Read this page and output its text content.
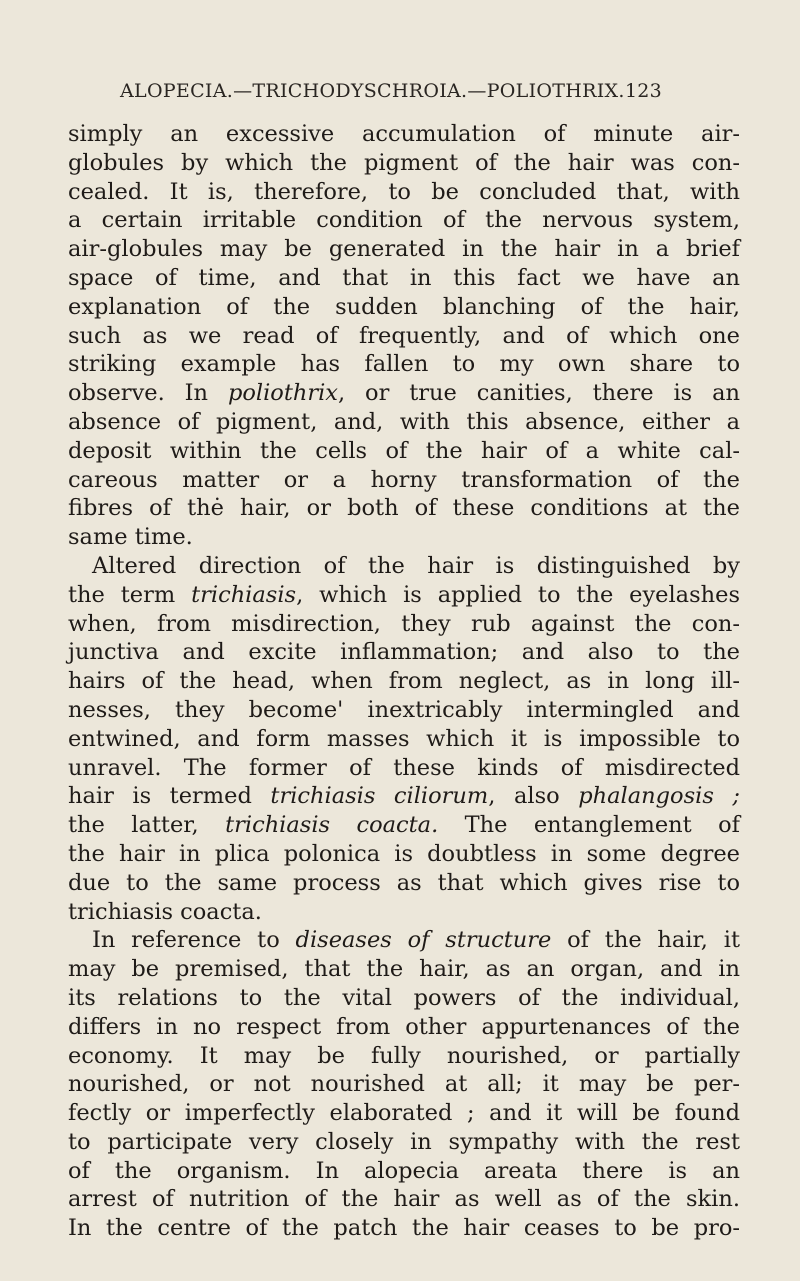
ALOPECIA.—TRICHODYSCHROIA.—POLIOTHRIX. 123
simply an excessive accumulation of minute air-
globules by which the pigment of the hair was con-
cealed. It is, therefore, to be concluded that, with
a certain irritable condition of the nervous system,
air-globules may be generated in the hair in a brief
space of time, and that in this fact we have an
explanation of the sudden blanching of the hair,
such as we read of frequently, and of which one
striking example has fallen to my own share to
observe. In poliothrix, or true canities, there is an
absence of pigment, and, with this absence, either a
deposit within the cells of the hair of a white cal-
careous matter or a horny transformation of the
fibres of thė hair, or both of these conditions at the
same time.
Altered direction of the hair is distinguished by
the term trichiasis, which is applied to the eyelashes
when, from misdirection, they rub against the con-
junctiva and excite inflammation; and also to the
hairs of the head, when from neglect, as in long ill-
nesses, they become' inextricably intermingled and
entwined, and form masses which it is impossible to
unravel. The former of these kinds of misdirected
hair is termed trichiasis ciliorum, also phalangosis ;
the latter, trichiasis coacta. The entanglement of
the hair in plica polonica is doubtless in some degree
due to the same process as that which gives rise to
trichiasis coacta.
In reference to diseases of structure of the hair, it
may be premised, that the hair, as an organ, and in
its relations to the vital powers of the individual,
differs in no respect from other appurtenances of the
economy. It may be fully nourished, or partially
nourished, or not nourished at all; it may be per-
fectly or imperfectly elaborated ; and it will be found
to participate very closely in sympathy with the rest
of the organism. In alopecia areata there is an
arrest of nutrition of the hair as well as of the skin.
In the centre of the patch the hair ceases to be pro-
